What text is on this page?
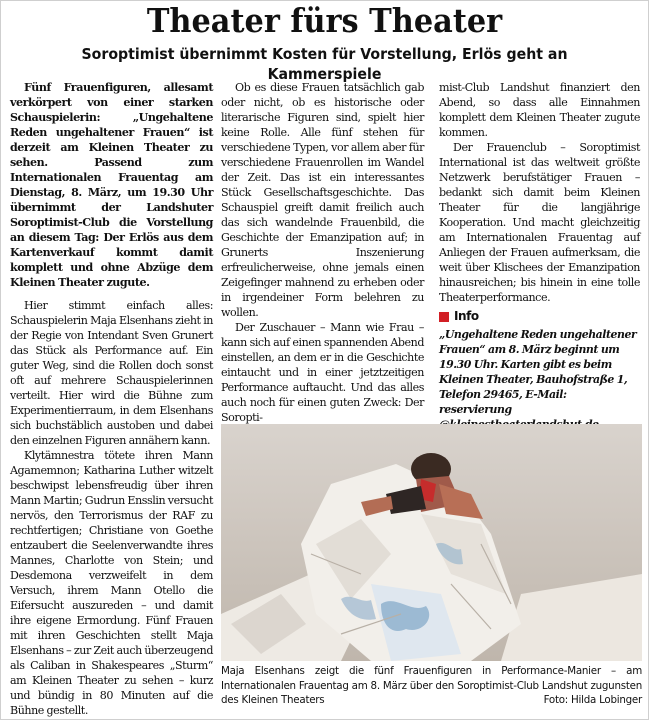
Theater fürs Theater
Soroptimist übernimmt Kosten für Vorstellung, Erlös geht an Kammerspiele

Fünf Frauenfiguren, allesamt verkörpert von einer starken Schauspielerin: „Ungehaltene Reden ungehaltener Frauen“ ist derzeit am Kleinen Theater zu sehen. Passend zum Internationalen Frauentag am Dienstag, 8. März, um 19.30 Uhr übernimmt der Landshuter Soroptimist-Club die Vorstellung an diesem Tag: Der Erlös aus dem Kartenverkauf kommt damit komplett und ohne Abzüge dem Kleinen Theater zugute.

Hier stimmt einfach alles: Schauspielerin Maja Elsenhans zieht in der Regie von Intendant Sven Grunert das Stück als Performance auf. Ein guter Weg, sind die Rollen doch sonst oft auf mehrere Schauspielerinnen verteilt. Hier wird die Bühne zum Experimentierraum, in dem Elsenhans sich buchstäblich austoben und dabei den einzelnen Figuren annähern kann.

Klytämnestra tötete ihren Mann Agamemnon; Katharina Luther witzelt beschwipst lebensfreudig über ihren Mann Martin; Gudrun Ensslin versucht nervös, den Terrorismus der RAF zu rechtfertigen; Christiane von Goethe entzaubert die Seelenverwandte ihres Mannes, Charlotte von Stein; und Desdemona verzweifelt in dem Versuch, ihrem Mann Otello die Eifersucht auszureden – und damit ihre eigene Ermordung. Fünf Frauen mit ihren Geschichten stellt Maja Elsenhans – zur Zeit auch überzeugend als Caliban in Shakespeares „Sturm“ am Kleinen Theater zu sehen – kurz und bündig in 80 Minuten auf die Bühne gestellt.

Ob es diese Frauen tatsächlich gab oder nicht, ob es historische oder literarische Figuren sind, spielt hier keine Rolle. Alle fünf stehen für verschiedene Typen, vor allem aber für verschiedene Frauenrollen im Wandel der Zeit. Das ist ein interessantes Stück Gesellschaftsgeschichte. Das Schauspiel greift damit freilich auch das sich wandelnde Frauenbild, die Geschichte der Emanzipation auf; in Grunerts Inszenierung erfreulicherweise, ohne jemals einen Zeigefinger mahnend zu erheben oder in irgendeiner Form belehren zu wollen.

Der Zuschauer – Mann wie Frau – kann sich auf einen spannenden Abend einstellen, an dem er in die Geschichte eintaucht und in einer jetztzeitigen Performance auftaucht. Und das alles auch noch für einen guten Zweck: Der Soropti-

mist-Club Landshut finanziert den Abend, so dass alle Einnahmen komplett dem Kleinen Theater zugute kommen.

Der Frauenclub – Soroptimist International ist das weltweit größte Netzwerk berufstätiger Frauen – bedankt sich damit beim Kleinen Theater für die langjährige Kooperation. Und macht gleichzeitig am Internationalen Frauentag auf Anliegen der Frauen aufmerksam, die weit über Klischees der Emanzipation hinausreichen; bis hinein in eine tolle Theaterperformance.

Info

„Ungehaltene Reden ungehaltener Frauen“ am 8. März beginnt um 19.30 Uhr. Karten gibt es beim Kleinen Theater, Bauhofstraße 1, Telefon 29465, E-Mail: reservierung

Maja Elsenhans zeigt die fünf Frauenfiguren in Performance-Manier – am Internationalen Frauentag am 8. März über den Soroptimist-Club Landshut zugunsten des Kleinen Theaters	Foto: Hilda Lobinger
